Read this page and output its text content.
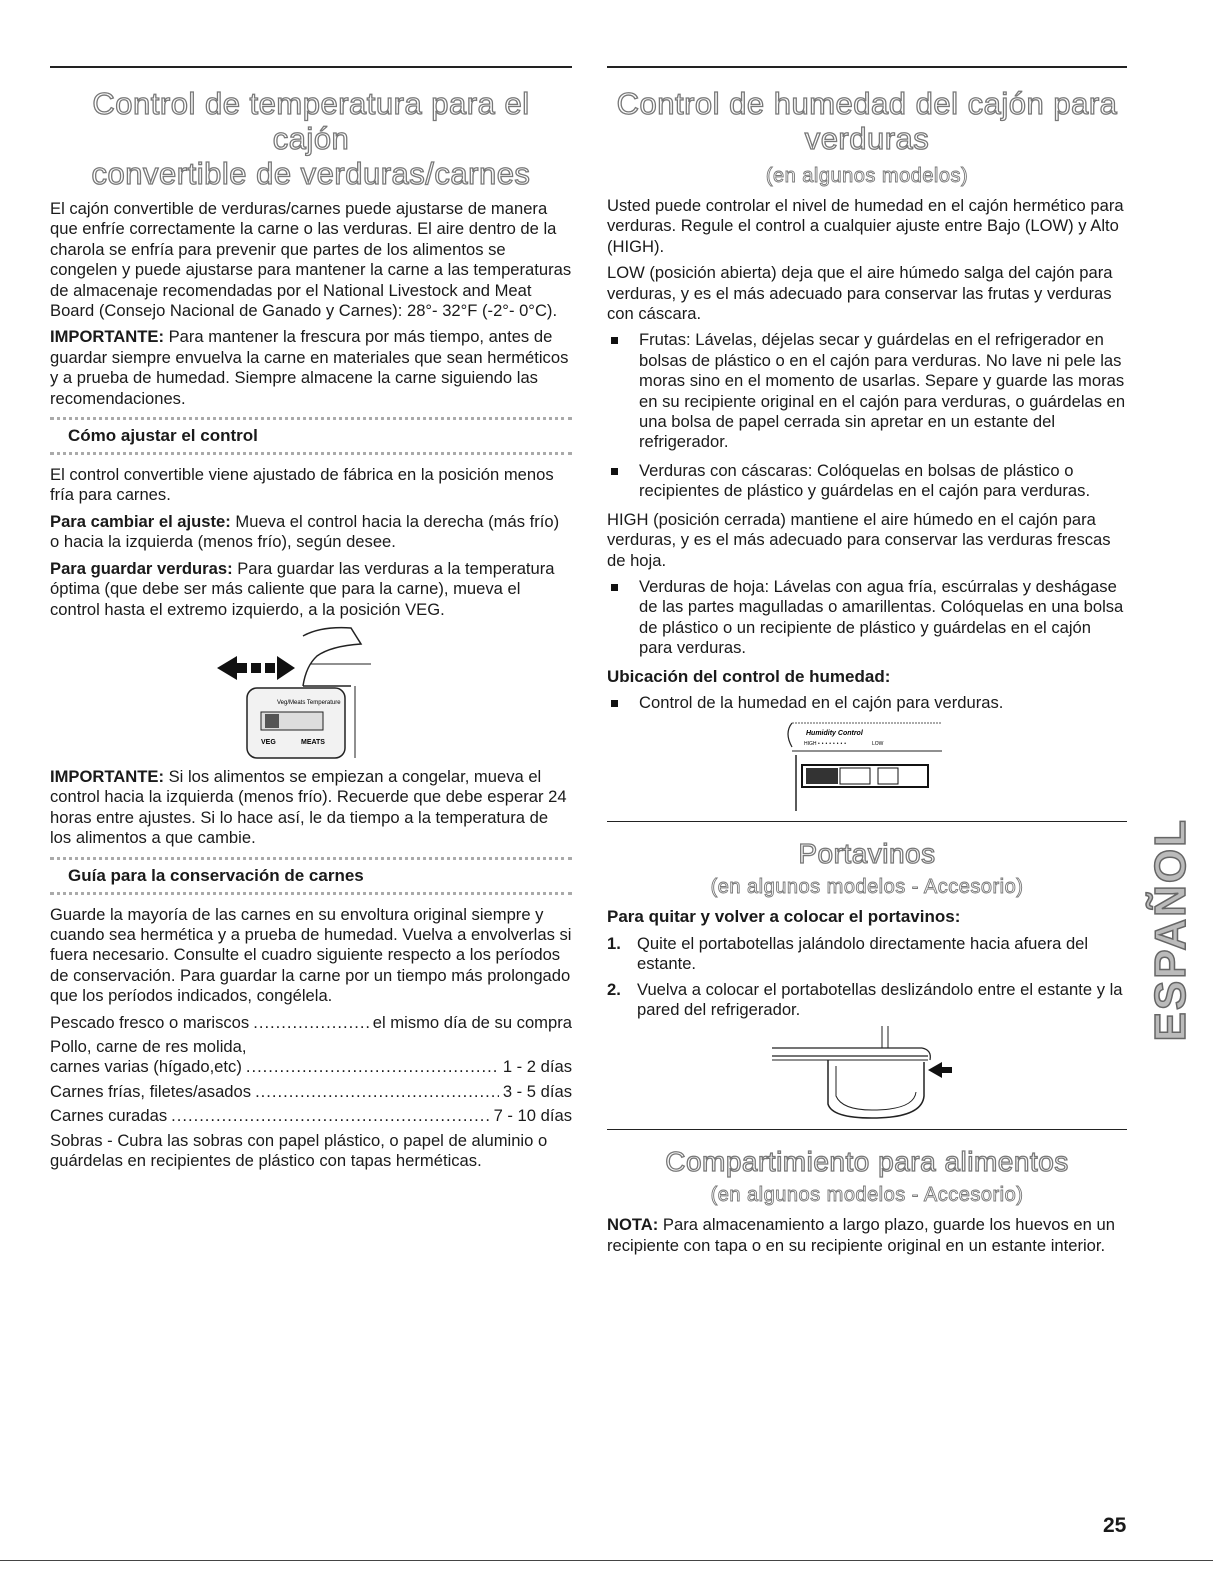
Control de temperatura para el cajón
convertible de verduras/carnes

El cajón convertible de verduras/carnes puede ajustarse de manera que enfríe correctamente la carne o las verduras. El aire dentro de la charola se enfría para prevenir que partes de los alimentos se congelen y puede ajustarse para mantener la carne a las temperaturas de almacenaje recomendadas por el National Livestock and Meat Board (Consejo Nacional de Ganado y Carnes): 28°- 32°F (-2°- 0°C).

IMPORTANTE: Para mantener la frescura por más tiempo, antes de guardar siempre envuelva la carne en materiales que sean herméticos y a prueba de humedad. Siempre almacene la carne siguiendo las recomendaciones.

Cómo ajustar el control

El control convertible viene ajustado de fábrica en la posición menos fría para carnes.

Para cambiar el ajuste: Mueva el control hacia la derecha (más frío) o hacia la izquierda (menos frío), según desee.

Para guardar verduras: Para guardar las verduras a la temperatura óptima (que debe ser más caliente que para la carne), mueva el control hasta el extremo izquierdo, a la posición VEG.

Veg/Meats Temperature
VEG	MEATS

IMPORTANTE: Si los alimentos se empiezan a congelar, mueva el control hacia la izquierda (menos frío). Recuerde que debe esperar 24 horas entre ajustes. Si lo hace así, le da tiempo a la temperatura de los alimentos a que cambie.

Guía para la conservación de carnes

Guarde la mayoría de las carnes en su envoltura original siempre y cuando sea hermética y a prueba de humedad. Vuelva a envolverlas si fuera necesario. Consulte el cuadro siguiente respecto a los períodos de conservación. Para guardar la carne por un tiempo más prolongado que los períodos indicados, congélela.

Pescado fresco o mariscos .....	el mismo día de su compra
Pollo, carne de res molida,
carnes varias (hígado,etc) .....	1 - 2 días
Carnes frías, filetes/asados .....	3 - 5 días
Carnes curadas .....	7 - 10 días

Sobras - Cubra las sobras con papel plástico, o papel de aluminio o guárdelas en recipientes de plástico con tapas herméticas.

Control de humedad del cajón para
verduras
(en algunos modelos)

Usted puede controlar el nivel de humedad en el cajón hermético para verduras. Regule el control a cualquier ajuste entre Bajo (LOW) y Alto (HIGH).

LOW (posición abierta) deja que el aire húmedo salga del cajón para verduras, y es el más adecuado para conservar las frutas y verduras con cáscara.

Frutas: Lávelas, déjelas secar y guárdelas en el refrigerador en bolsas de plástico o en el cajón para verduras. No lave ni pele las moras sino en el momento de usarlas. Separe y guarde las moras en su recipiente original en el cajón para verduras, o guárdelas en una bolsa de papel cerrada sin apretar en un estante del refrigerador.
Verduras con cáscaras: Colóquelas en bolsas de plástico o recipientes de plástico y guárdelas en el cajón para verduras.

HIGH (posición cerrada) mantiene el aire húmedo en el cajón para verduras, y es el más adecuado para conservar las verduras frescas de hoja.

Verduras de hoja: Lávelas con agua fría, escúrralas y deshágase de las partes magulladas o amarillentas. Colóquelas en una bolsa de plástico o un recipiente de plástico y guárdelas en el cajón para verduras.

Ubicación del control de humedad:

Control de la humedad en el cajón para verduras.
Humidity Control
HIGH ••••••••	LOW
Portavinos
(en algunos modelos - Accesorio)

Para quitar y volver a colocar el portavinos:

1. Quite el portabotellas jalándolo directamente hacia afuera del estante.
2. Vuelva a colocar el portabotellas deslizándolo entre el estante y la pared del refrigerador.
Compartimiento para alimentos
(en algunos modelos - Accesorio)

NOTA: Para almacenamiento a largo plazo, guarde los huevos en un recipiente con tapa o en su recipiente original en un estante interior.

ESPAÑOL
25
